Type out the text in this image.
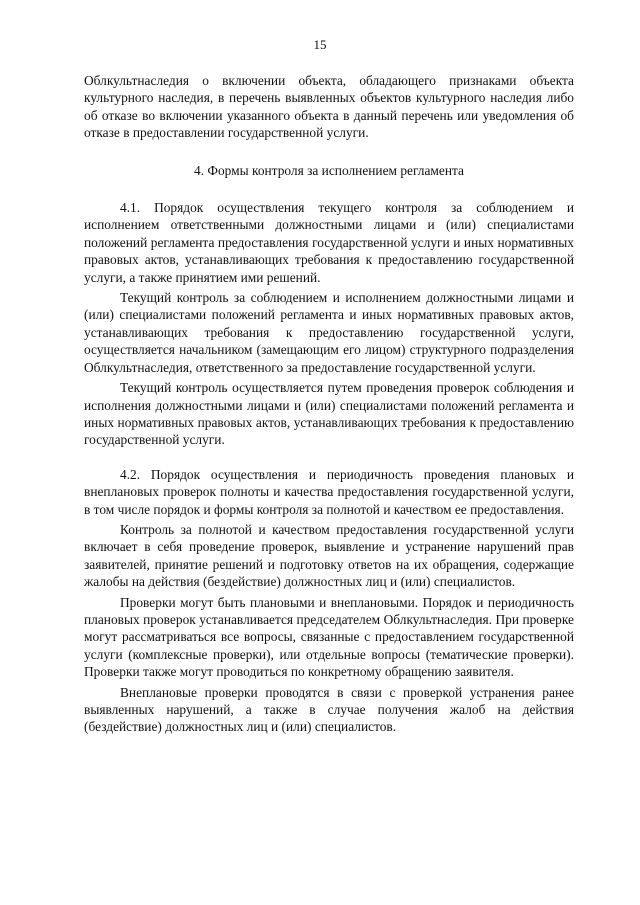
15

Облкультнаследия о включении объекта, обладающего признаками объекта культурного наследия, в перечень выявленных объектов культурного наследия либо об отказе во включении указанного объекта в данный перечень или уведомления об отказе в предоставлении государственной услуги.

4. Формы контроля за исполнением регламента

4.1. Порядок осуществления текущего контроля за соблюдением и исполнением ответственными должностными лицами и (или) специалистами положений регламента предоставления государственной услуги и иных нормативных правовых актов, устанавливающих требования к предоставлению государственной услуги, а также принятием ими решений.

Текущий контроль за соблюдением и исполнением должностными лицами и (или) специалистами положений регламента и иных нормативных правовых актов, устанавливающих требования к предоставлению государственной услуги, осуществляется начальником (замещающим его лицом) структурного подразделения Облкультнаследия, ответственного за предоставление государственной услуги.

Текущий контроль осуществляется путем проведения проверок соблюдения и исполнения должностными лицами и (или) специалистами положений регламента и иных нормативных правовых актов, устанавливающих требования к предоставлению государственной услуги.

4.2. Порядок осуществления и периодичность проведения плановых и внеплановых проверок полноты и качества предоставления государственной услуги, в том числе порядок и формы контроля за полнотой и качеством ее предоставления.

Контроль за полнотой и качеством предоставления государственной услуги включает в себя проведение проверок, выявление и устранение нарушений прав заявителей, принятие решений и подготовку ответов на их обращения, содержащие жалобы на действия (бездействие) должностных лиц и (или) специалистов.

Проверки могут быть плановыми и внеплановыми. Порядок и периодичность плановых проверок устанавливается председателем Облкультнаследия. При проверке могут рассматриваться все вопросы, связанные с предоставлением государственной услуги (комплексные проверки), или отдельные вопросы (тематические проверки). Проверки также могут проводиться по конкретному обращению заявителя.

Внеплановые проверки проводятся в связи с проверкой устранения ранее выявленных нарушений, а также в случае получения жалоб на действия (бездействие) должностных лиц и (или) специалистов.
